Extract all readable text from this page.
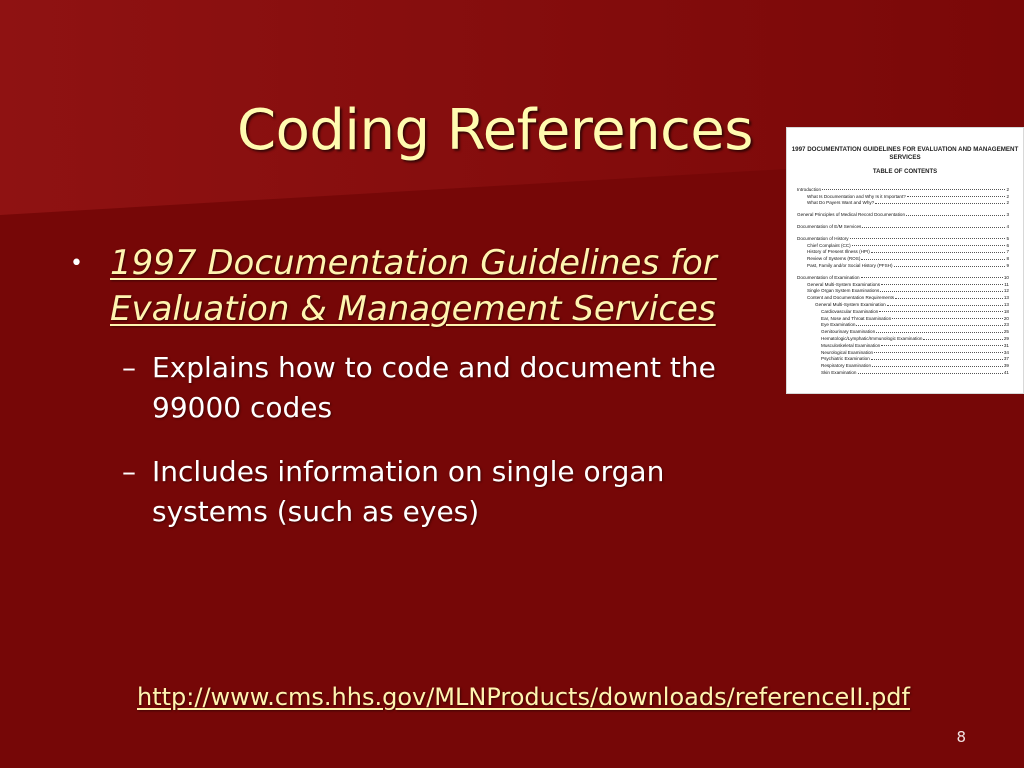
Coding References
• 1997 Documentation Guidelines for Evaluation & Management Services
– Explains how to code and document the 99000 codes
– Includes information on single organ systems (such as eyes)
1997 DOCUMENTATION GUIDELINES FOR EVALUATION AND MANAGEMENT SERVICES
TABLE OF CONTENTS
Introduction	2
What Is Documentation and Why Is it Important?	2
What Do Payers Want and Why?	2
General Principles of Medical Record Documentation	3
Documentation of E/M Services	4
Documentation of History	5
Chief Complaint (CC)	6
History of Present Illness (HPI)	7
Review of Systems (ROS)	8
Past, Family and/or Social History (PFSH)	9
Documentation of Examination	10
General Multi-System Examinations	11
Single Organ System Examinations	12
Content and Documentation Requirements	13
General Multi-System Examination	13
Cardiovascular Examination	18
Ear, Nose and Throat Examination	20
Eye Examination	23
Genitourinary Examination	25
Hematologic/Lymphatic/Immunologic Examination	29
Musculoskeletal Examination	31
Neurological Examination	34
Psychiatric Examination	37
Respiratory Examination	39
Skin Examination	41
http://www.cms.hhs.gov/MLNProducts/downloads/referenceII.pdf
8
